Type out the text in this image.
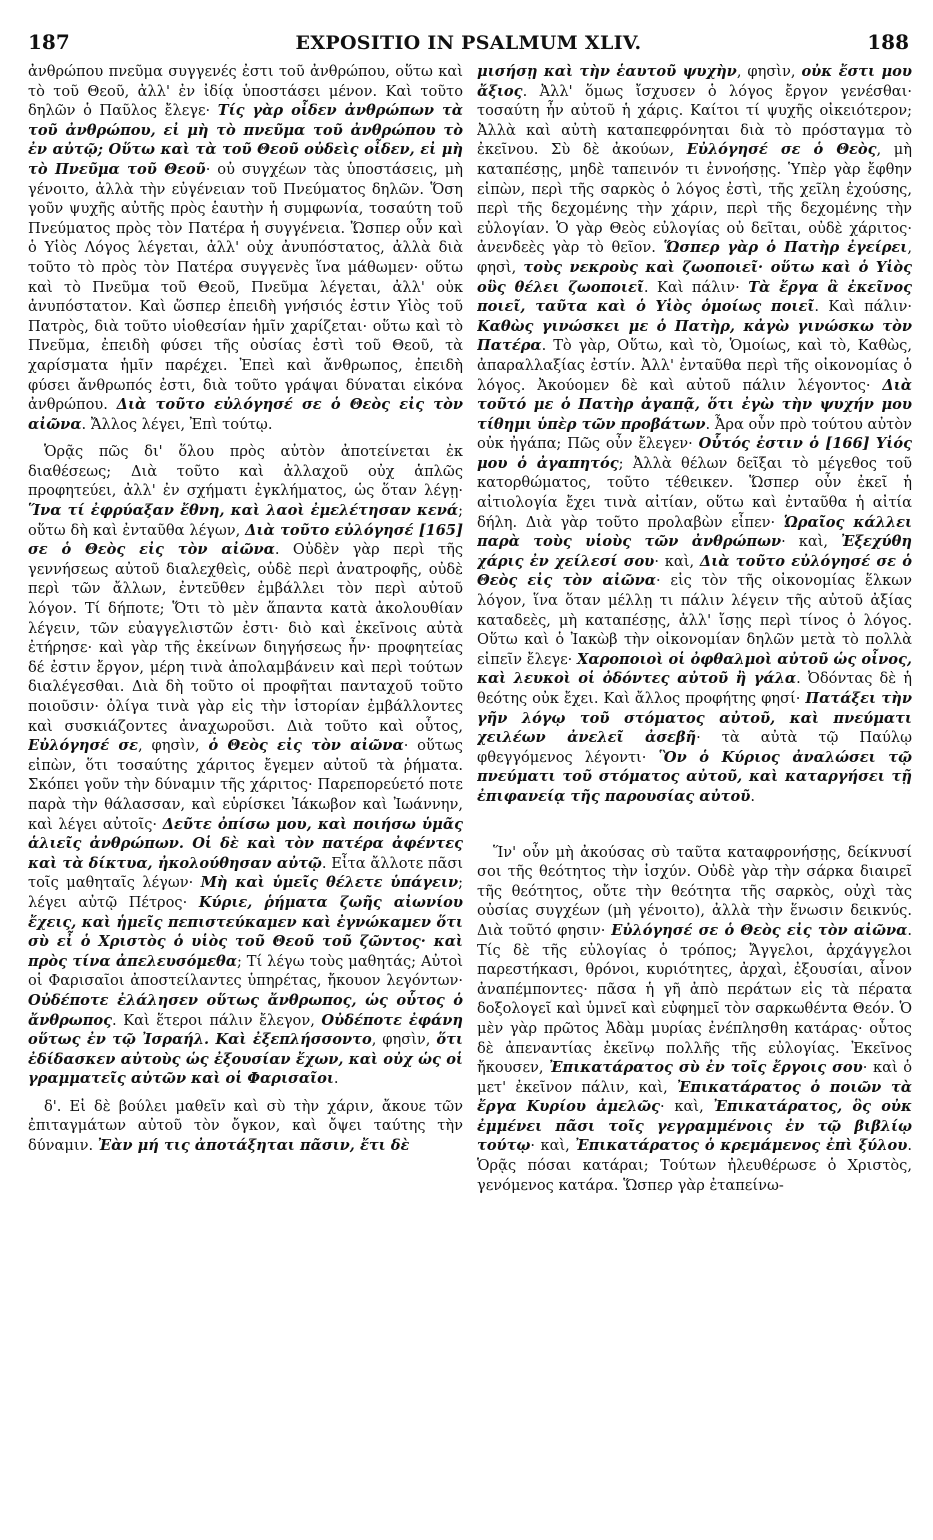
187	EXPOSITIO IN PSALMUM XLIV.	188

ἀνθρώπου πνεῦμα συγγενές ἐστι τοῦ ἀνθρώπου, οὕτω καὶ τὸ τοῦ Θεοῦ, ἀλλ' ἐν ἰδίᾳ ὑποστάσει μένον. Καὶ τοῦτο δηλῶν ὁ Παῦλος ἔλεγε· Τίς γὰρ οἶδεν ἀνθρώπων τὰ τοῦ ἀνθρώπου, εἰ μὴ τὸ πνεῦμα τοῦ ἀνθρώπου τὸ ἐν αὐτῷ; Οὕτω καὶ τὰ τοῦ Θεοῦ οὐδεὶς οἶδεν, εἰ μὴ τὸ Πνεῦμα τοῦ Θεοῦ· οὐ συγχέων τὰς ὑποστάσεις, μὴ γένοιτο, ἀλλὰ τὴν εὐγένειαν τοῦ Πνεύματος δηλῶν. Ὅση γοῦν ψυχῆς αὐτῆς πρὸς ἑαυτὴν ἡ συμφωνία, τοσαύτη τοῦ Πνεύματος πρὸς τὸν Πατέρα ἡ συγγένεια. Ὥσπερ οὖν καὶ ὁ Υἱὸς Λόγος λέγεται, ἀλλ' οὐχ ἀνυπόστατος, ἀλλὰ διὰ τοῦτο τὸ πρὸς τὸν Πατέρα συγγενὲς ἵνα μάθωμεν· οὕτω καὶ τὸ Πνεῦμα τοῦ Θεοῦ, Πνεῦμα λέγεται, ἀλλ' οὐκ ἀνυπόστατον. Καὶ ὥσπερ ἐπειδὴ γνήσιός ἐστιν Υἱὸς τοῦ Πατρὸς, διὰ τοῦτο υἱοθεσίαν ἡμῖν χαρίζεται· οὕτω καὶ τὸ Πνεῦμα, ἐπειδὴ φύσει τῆς οὐσίας ἐστὶ τοῦ Θεοῦ, τὰ χαρίσματα ἡμῖν παρέχει. Ἐπεὶ καὶ ἄνθρωπος, ἐπειδὴ φύσει ἄνθρωπός ἐστι, διὰ τοῦτο γράψαι δύναται εἰκόνα ἀνθρώπου. Διὰ τοῦτο εὐλόγησέ σε ὁ Θεὸς εἰς τὸν αἰῶνα. Ἄλλος λέγει, Ἐπὶ τούτῳ.

Ὁρᾷς πῶς δι' ὅλου πρὸς αὐτὸν ἀποτείνεται ἐκ διαθέσεως; Διὰ τοῦτο καὶ ἀλλαχοῦ οὐχ ἁπλῶς προφητεύει, ἀλλ' ἐν σχήματι ἐγκλήματος, ὡς ὅταν λέγῃ· Ἵνα τί ἐφρύαξαν ἔθνη, καὶ λαοὶ ἐμελέτησαν κενά; οὕτω δὴ καὶ ἐνταῦθα λέγων, Διὰ τοῦτο εὐλόγησέ [165] σε ὁ Θεὸς εἰς τὸν αἰῶνα. Οὐδὲν γὰρ περὶ τῆς γεννήσεως αὐτοῦ διαλεχθεὶς, οὐδὲ περὶ ἀνατροφῆς, οὐδὲ περὶ τῶν ἄλλων, ἐντεῦθεν ἐμβάλλει τὸν περὶ αὐτοῦ λόγον. Τί δήποτε; Ὅτι τὸ μὲν ἅπαντα κατὰ ἀκολουθίαν λέγειν, τῶν εὐαγγελιστῶν ἐστι· διὸ καὶ ἐκεῖνοις αὐτὰ ἐτήρησε· καὶ γὰρ τῆς ἐκείνων διηγήσεως ἦν· προφητείας δέ ἐστιν ἔργον, μέρη τινὰ ἀπολαμβάνειν καὶ περὶ τούτων διαλέγεσθαι. Διὰ δὴ τοῦτο οἱ προφῆται πανταχοῦ τοῦτο ποιοῦσιν· ὀλίγα τινὰ γὰρ εἰς τὴν ἱστορίαν ἐμβάλλοντες καὶ συσκιάζοντες ἀναχωροῦσι. Διὰ τοῦτο καὶ οὗτος, Εὐλόγησέ σε, φησὶν, ὁ Θεὸς εἰς τὸν αἰῶνα· οὕτως εἰπὼν, ὅτι τοσαύτης χάριτος ἔγεμεν αὐτοῦ τὰ ῥήματα. Σκόπει γοῦν τὴν δύναμιν τῆς χάριτος· Παρεπορεύετό ποτε παρὰ τὴν θάλασσαν, καὶ εὑρίσκει Ἰάκωβον καὶ Ἰωάννην, καὶ λέγει αὐτοῖς· Δεῦτε ὀπίσω μου, καὶ ποιήσω ὑμᾶς ἁλιεῖς ἀνθρώπων. Οἱ δὲ καὶ τὸν πατέρα ἀφέντες καὶ τὰ δίκτυα, ἠκολούθησαν αὐτῷ. Εἶτα ἄλλοτε πᾶσι τοῖς μαθηταῖς λέγων· Μὴ καὶ ὑμεῖς θέλετε ὑπάγειν; λέγει αὐτῷ Πέτρος· Κύριε, ῥήματα ζωῆς αἰωνίου ἔχεις, καὶ ἡμεῖς πεπιστεύκαμεν καὶ ἐγνώκαμεν ὅτι σὺ εἶ ὁ Χριστὸς ὁ υἱὸς τοῦ Θεοῦ τοῦ ζῶντος· καὶ πρὸς τίνα ἀπελευσόμεθα; Τί λέγω τοὺς μαθητάς; Αὐτοὶ οἱ Φαρισαῖοι ἀποστείλαντες ὑπηρέτας, ἤκουον λεγόντων· Οὐδέποτε ἐλάλησεν οὕτως ἄνθρωπος, ὡς οὗτος ὁ ἄνθρωπος. Καὶ ἕτεροι πάλιν ἔλεγον, Οὐδέποτε ἐφάνη οὕτως ἐν τῷ Ἰσραήλ. Καὶ ἐξεπλήσσοντο, φησὶν, ὅτι ἐδίδασκεν αὐτοὺς ὡς ἐξουσίαν ἔχων, καὶ οὐχ ὡς οἱ γραμματεῖς αὐτῶν καὶ οἱ Φαρισαῖοι.

δ'. Εἰ δὲ βούλει μαθεῖν καὶ σὺ τὴν χάριν, ἄκουε τῶν ἐπιταγμάτων αὐτοῦ τὸν ὄγκον, καὶ ὄψει ταύτης τὴν δύναμιν. Ἐὰν μή τις ἀποτάξηται πᾶσιν, ἔτι δὲ

μισήσῃ καὶ τὴν ἑαυτοῦ ψυχὴν, φησὶν, οὐκ ἔστι μου ἄξιος. Ἀλλ' ὅμως ἴσχυσεν ὁ λόγος ἔργον γενέσθαι· τοσαύτη ἦν αὐτοῦ ἡ χάρις. Καίτοι τί ψυχῆς οἰκειότερον; Ἀλλὰ καὶ αὐτὴ καταπεφρόνηται διὰ τὸ πρόσταγμα τὸ ἐκεῖνου. Σὺ δὲ ἀκούων, Εὐλόγησέ σε ὁ Θεὸς, μὴ καταπέσῃς, μηδὲ ταπεινόν τι ἐννοήσῃς. Ὑπὲρ γὰρ ἔφθην εἰπὼν, περὶ τῆς σαρκὸς ὁ λόγος ἐστὶ, τῆς χεῖλη ἐχούσης, περὶ τῆς δεχομένης τὴν χάριν, περὶ τῆς δεχομένης τὴν εὐλογίαν. Ὁ γὰρ Θεὸς εὐλογίας οὐ δεῖται, οὐδὲ χάριτος· ἀνενδεὲς γὰρ τὸ θεῖον. Ὥσπερ γὰρ ὁ Πατὴρ ἐγείρει, φησὶ, τοὺς νεκροὺς καὶ ζωοποιεῖ· οὕτω καὶ ὁ Υἱὸς οὓς θέλει ζωοποιεῖ. Καὶ πάλιν· Τὰ ἔργα ἃ ἐκεῖνος ποιεῖ, ταῦτα καὶ ὁ Υἱὸς ὁμοίως ποιεῖ. Καὶ πάλιν· Καθὼς γινώσκει με ὁ Πατὴρ, κἀγὼ γινώσκω τὸν Πατέρα. Τὸ γὰρ, Οὕτω, καὶ τὸ, Ὁμοίως, καὶ τὸ, Καθὼς, ἀπαραλλαξίας ἐστίν. Ἀλλ' ἐνταῦθα περὶ τῆς οἰκονομίας ὁ λόγος. Ἀκούομεν δὲ καὶ αὐτοῦ πάλιν λέγοντος· Διὰ τοῦτό με ὁ Πατὴρ ἀγαπᾷ, ὅτι ἐγὼ τὴν ψυχήν μου τίθημι ὑπὲρ τῶν προβάτων. Ἆρα οὖν πρὸ τούτου αὐτὸν οὐκ ἠγάπα; Πῶς οὖν ἔλεγεν· Οὗτός ἐστιν ὁ [166] Υἱός μου ὁ ἀγαπητός; Ἀλλὰ θέλων δεῖξαι τὸ μέγεθος τοῦ κατορθώματος, τοῦτο τέθεικεν. Ὥσπερ οὖν ἐκεῖ ἡ αἰτιολογία ἔχει τινὰ αἰτίαν, οὕτω καὶ ἐνταῦθα ἡ αἰτία δήλη. Διὰ γὰρ τοῦτο προλαβὼν εἶπεν· Ὡραῖος κάλλει παρὰ τοὺς υἱοὺς τῶν ἀνθρώπων· καὶ, Ἐξεχύθη χάρις ἐν χείλεσί σου· καὶ, Διὰ τοῦτο εὐλόγησέ σε ὁ Θεὸς εἰς τὸν αἰῶνα· εἰς τὸν τῆς οἰκονομίας ἕλκων λόγον, ἵνα ὅταν μέλλῃ τι πάλιν λέγειν τῆς αὐτοῦ ἀξίας καταδεὲς, μὴ καταπέσῃς, ἀλλ' ἴσῃς περὶ τίνος ὁ λόγος. Οὕτω καὶ ὁ Ἰακὼβ τὴν οἰκονομίαν δηλῶν μετὰ τὸ πολλὰ εἰπεῖν ἔλεγε· Χαροποιοὶ οἱ ὀφθαλμοὶ αὐτοῦ ὡς οἶνος, καὶ λευκοὶ οἱ ὀδόντες αὐτοῦ ἢ γάλα. Ὀδόντας δὲ ἡ θεότης οὐκ ἔχει. Καὶ ἄλλος προφήτης φησί· Πατάξει τὴν γῆν λόγῳ τοῦ στόματος αὐτοῦ, καὶ πνεύματι χειλέων ἀνελεῖ ἀσεβῆ· τὰ αὐτὰ τῷ Παύλῳ φθεγγόμενος λέγοντι· Ὃν ὁ Κύριος ἀναλώσει τῷ πνεύματι τοῦ στόματος αὐτοῦ, καὶ καταργήσει τῇ ἐπιφανείᾳ τῆς παρουσίας αὐτοῦ.

Ἵν' οὖν μὴ ἀκούσας σὺ ταῦτα καταφρονήσῃς, δείκνυσί σοι τῆς θεότητος τὴν ἰσχύν. Οὐδὲ γὰρ τὴν σάρκα διαιρεῖ τῆς θεότητος, οὔτε τὴν θεότητα τῆς σαρκὸς, οὐχὶ τὰς οὐσίας συγχέων (μὴ γένοιτο), ἀλλὰ τὴν ἕνωσιν δεικνύς. Διὰ τοῦτό φησιν· Εὐλόγησέ σε ὁ Θεὸς εἰς τὸν αἰῶνα. Τίς δὲ τῆς εὐλογίας ὁ τρόπος; Ἄγγελοι, ἀρχάγγελοι παρεστήκασι, θρόνοι, κυριότητες, ἀρχαὶ, ἐξουσίαι, αἶνον ἀναπέμποντες· πᾶσα ἡ γῆ ἀπὸ περάτων εἰς τὰ πέρατα δοξολογεῖ καὶ ὑμνεῖ καὶ εὐφημεῖ τὸν σαρκωθέντα Θεόν. Ὁ μὲν γὰρ πρῶτος Ἀδὰμ μυρίας ἐνέπλησθη κατάρας· οὗτος δὲ ἀπεναντίας ἐκεῖνῳ πολλῆς τῆς εὐλογίας. Ἐκεῖνος ἤκουσεν, Ἐπικατάρατος σὺ ἐν τοῖς ἔργοις σου· καὶ ὁ μετ' ἐκεῖνον πάλιν, καὶ, Ἐπικατάρατος ὁ ποιῶν τὰ ἔργα Κυρίου ἀμελῶς· καὶ, Ἐπικατάρατος, ὃς οὐκ ἐμμένει πᾶσι τοῖς γεγραμμένοις ἐν τῷ βιβλίῳ τούτῳ· καὶ, Ἐπικατάρατος ὁ κρεμάμενος ἐπὶ ξύλου. Ὁρᾷς πόσαι κατάραι; Τούτων ἠλευθέρωσε ὁ Χριστὸς, γενόμενος κατάρα. Ὥσπερ γὰρ ἐταπείνω-
